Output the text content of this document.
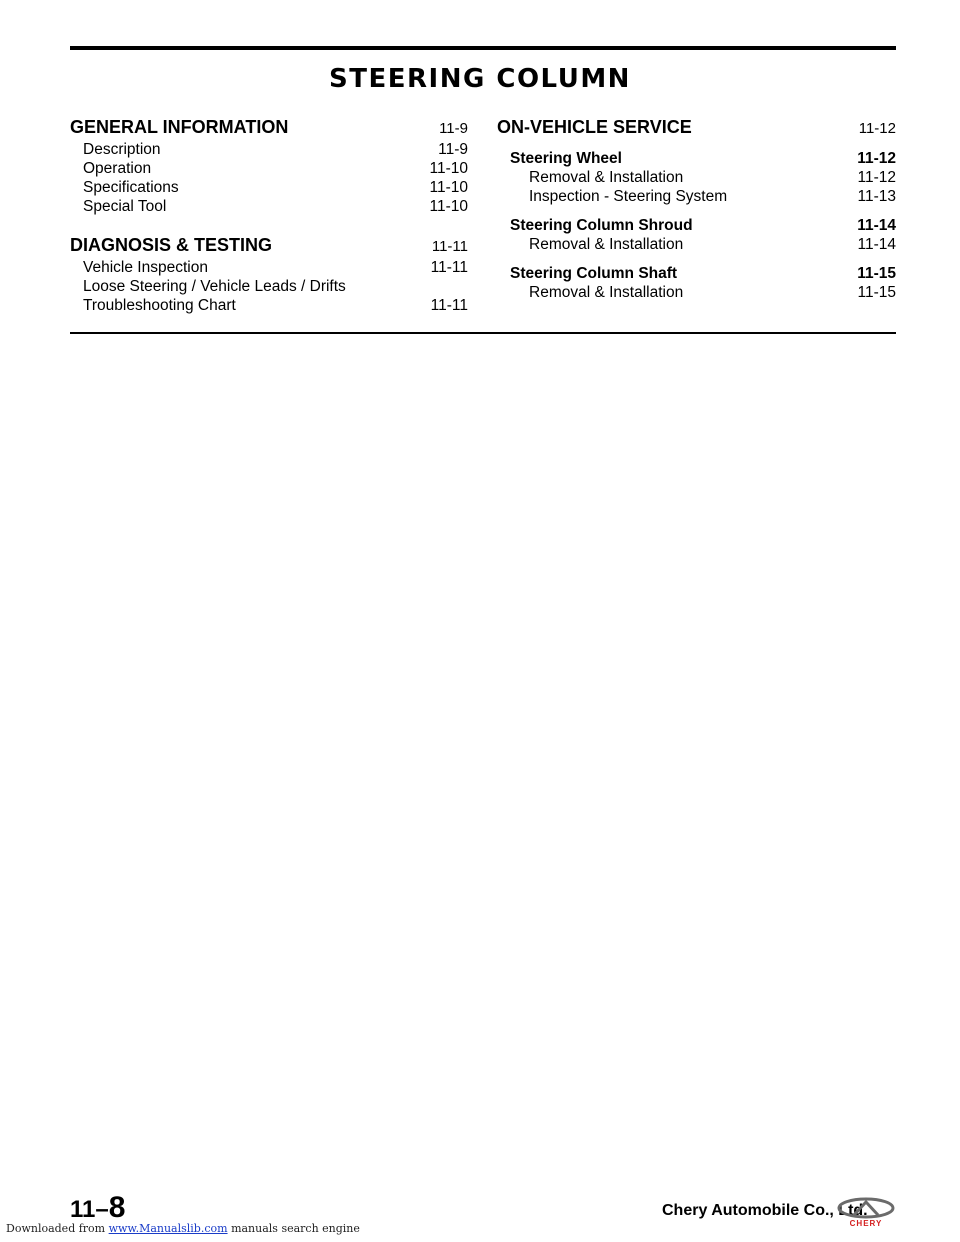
STEERING COLUMN
GENERAL INFORMATION	11-9
Description	11-9
Operation	11-10
Specifications	11-10
Special Tool	11-10
DIAGNOSIS & TESTING	11-11
Vehicle Inspection	11-11
Loose Steering / Vehicle Leads / Drifts
Troubleshooting Chart	11-11
ON-VEHICLE SERVICE	11-12
Steering Wheel	11-12
Removal & Installation	11-12
Inspection - Steering System	11-13
Steering Column Shroud	11-14
Removal & Installation	11-14
Steering Column Shaft	11-15
Removal & Installation	11-15
11–8	Chery Automobile Co., Ltd.
CHERY
Downloaded from www.Manualslib.com manuals search engine
